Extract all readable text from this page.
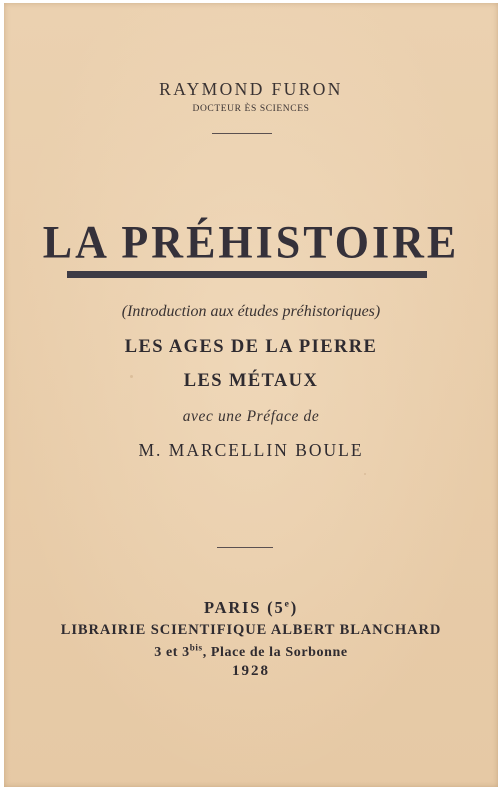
RAYMOND FURON
DOCTEUR ÈS SCIENCES
LA PRÉHISTOIRE
(Introduction aux études préhistoriques)
LES AGES DE LA PIERRE
LES MÉTAUX
avec une Préface de
M. MARCELLIN BOULE
PARIS (5e)
LIBRAIRIE SCIENTIFIQUE ALBERT BLANCHARD
3 et $3^{bis}$, Place de la Sorbonne
1928
